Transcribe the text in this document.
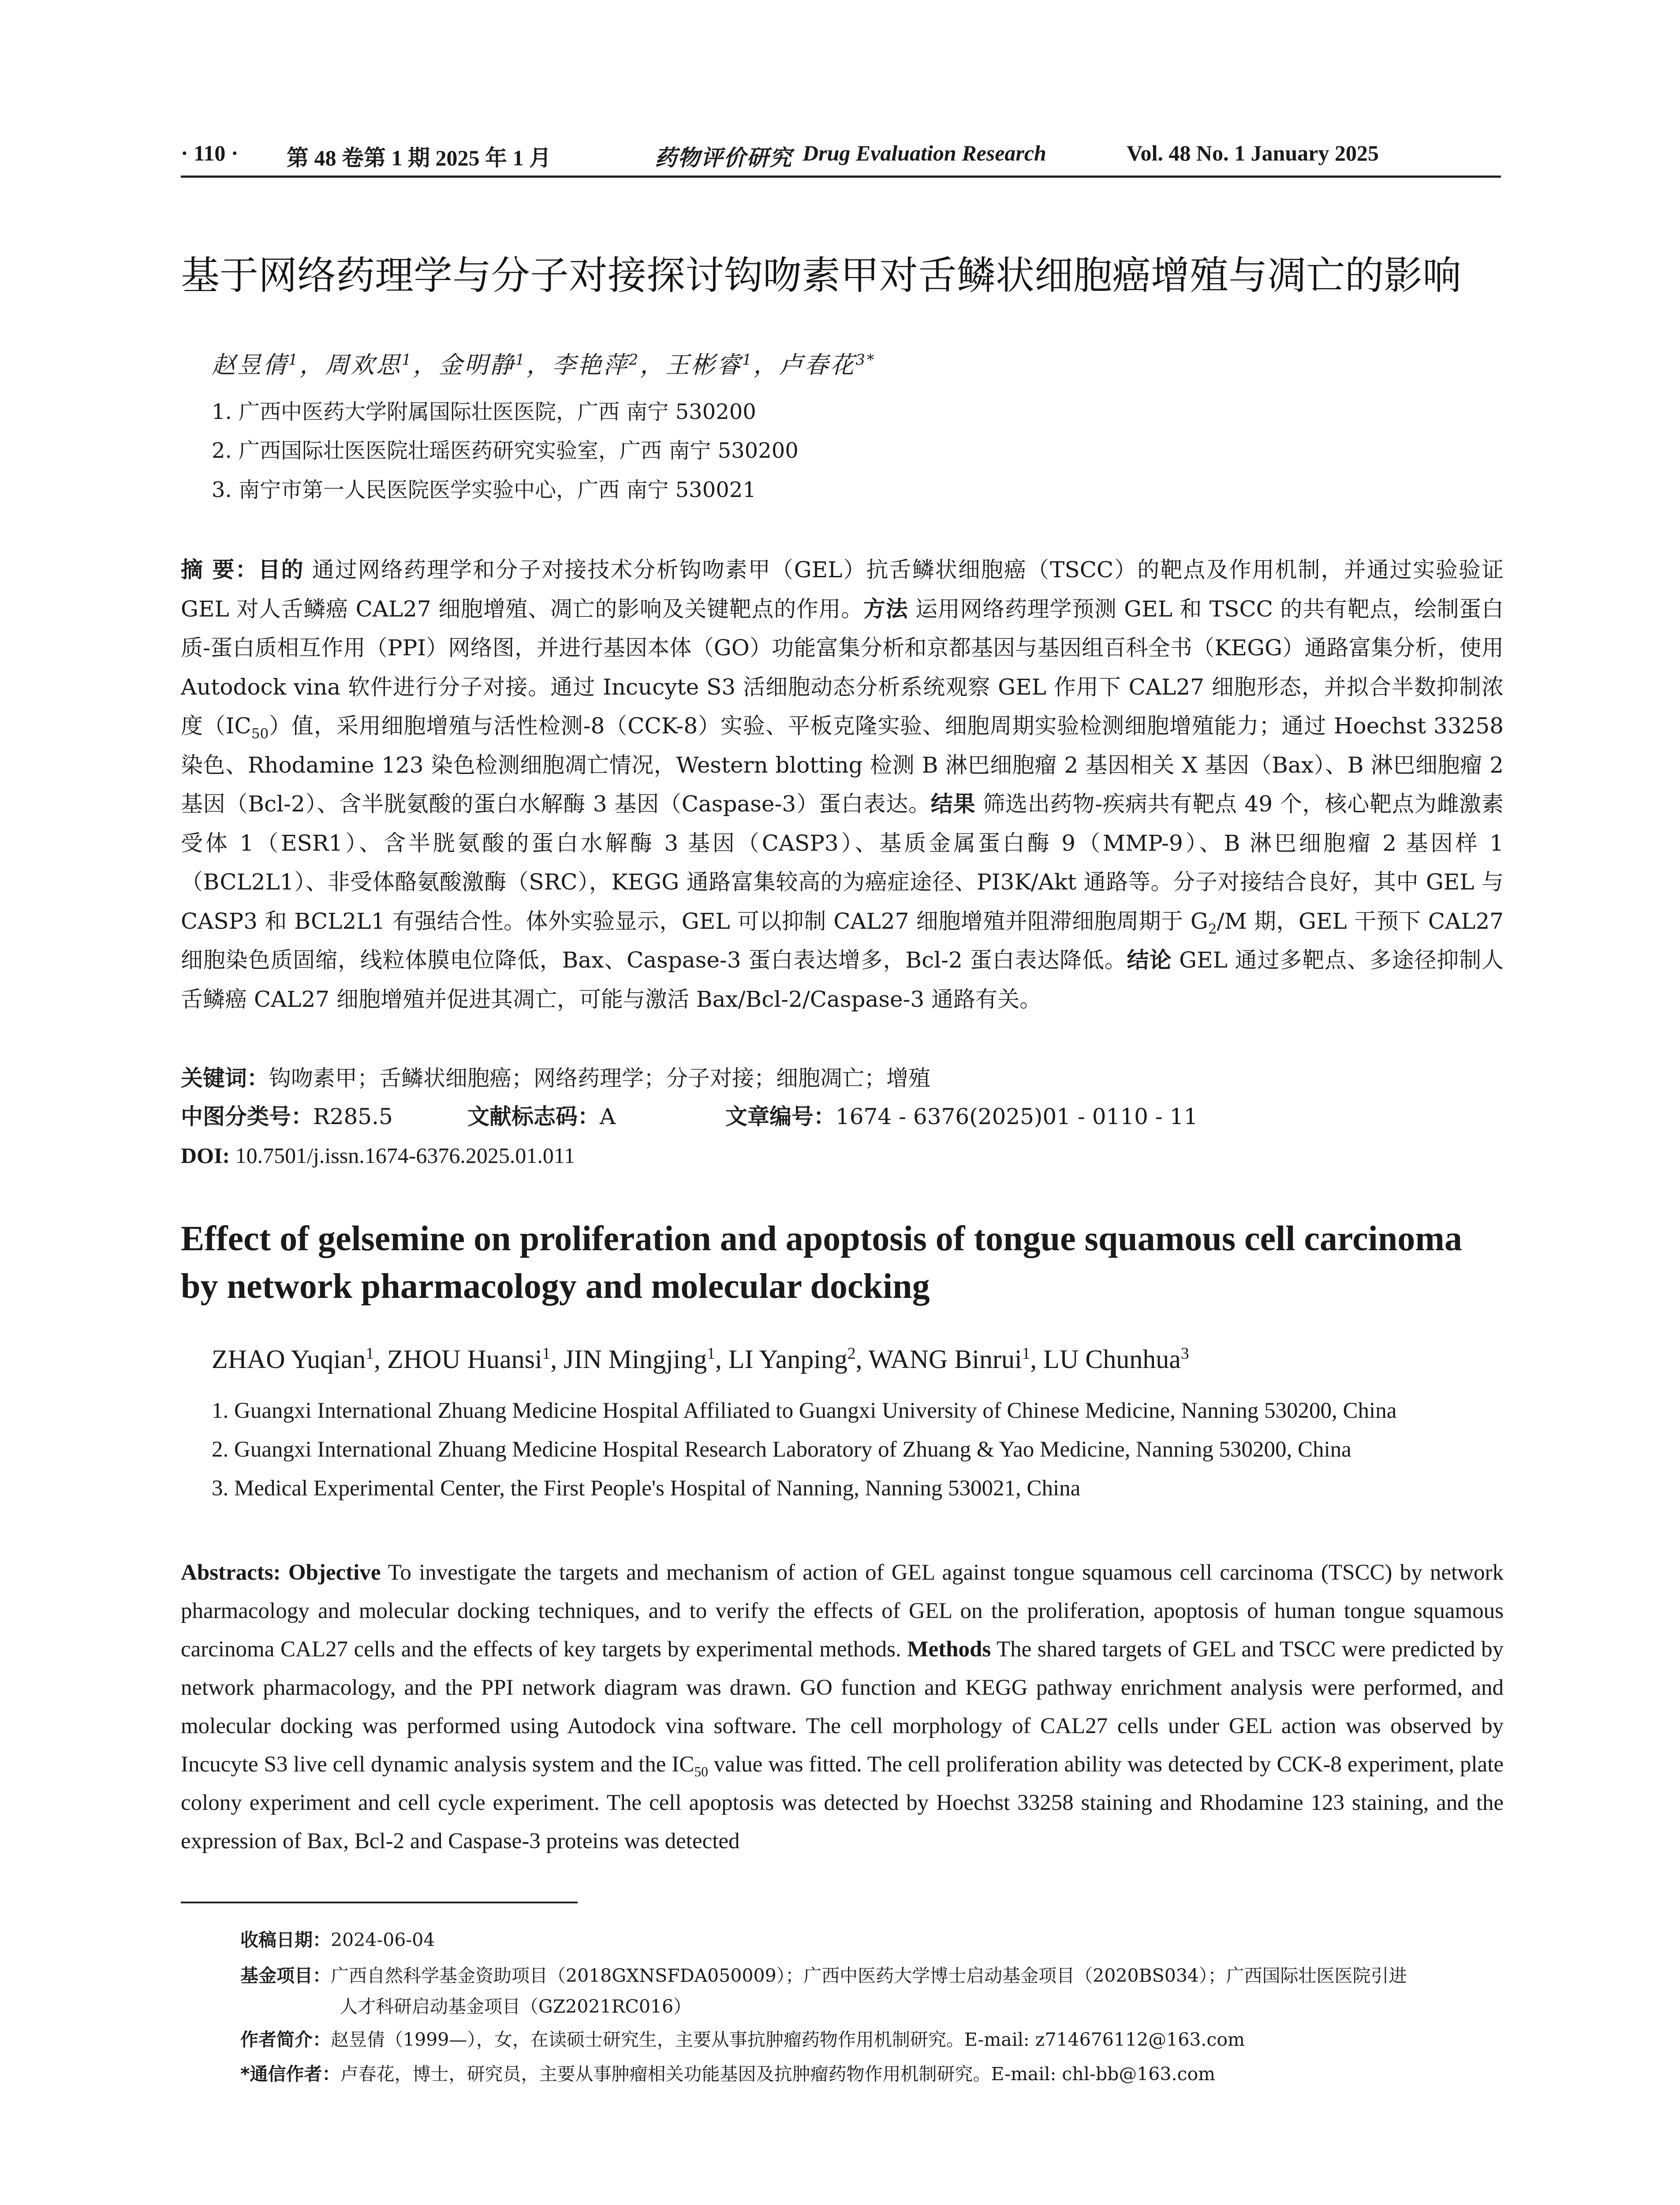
· 110 · 第 48 卷第 1 期 2025 年 1 月	药物评价研究 Drug Evaluation Research	Vol. 48 No. 1 January 2025
基于网络药理学与分子对接探讨钩吻素甲对舌鳞状细胞癌增殖与凋亡的影响
赵昱倩$^1$，周欢思$^1$，金明静$^1$，李艳萍$^2$，王彬睿$^1$，卢春花$^{3*}$
1. 广西中医药大学附属国际壮医医院，广西 南宁 530200
2. 广西国际壮医医院壮瑶医药研究实验室，广西 南宁 530200
3. 南宁市第一人民医院医学实验中心，广西 南宁 530021

摘 要：目的 通过网络药理学和分子对接技术分析钩吻素甲（GEL）抗舌鳞状细胞癌（TSCC）的靶点及作用机制，并通过实验验证 GEL 对人舌鳞癌 CAL27 细胞增殖、凋亡的影响及关键靶点的作用。方法 运用网络药理学预测 GEL 和 TSCC 的共有靶点，绘制蛋白质-蛋白质相互作用（PPI）网络图，并进行基因本体（GO）功能富集分析和京都基因与基因组百科全书（KEGG）通路富集分析，使用 Autodock vina 软件进行分子对接。通过 Incucyte S3 活细胞动态分析系统观察 GEL 作用下 CAL27 细胞形态，并拟合半数抑制浓度$(IC_{50})$值，采用细胞增殖与活性检测-8（CCK-8）实验、平板克隆实验、细胞周期实验检测细胞增殖能力；通过 Hoechst 33258 染色、Rhodamine 123 染色检测细胞凋亡情况，Western blotting 检测 B 淋巴细胞瘤 2 基因相关 X 基因（Bax）、B 淋巴细胞瘤 2 基因（Bcl-2）、含半胱氨酸的蛋白水解酶 3 基因（Caspase-3）蛋白表达。结果 筛选出药物-疾病共有靶点 49 个，核心靶点为雌激素受体 1（ESR1）、含半胱氨酸的蛋白水解酶 3 基因（CASP3）、基质金属蛋白酶 9（MMP-9）、B 淋巴细胞瘤 2 基因样 1（BCL2L1）、非受体酪氨酸激酶（SRC），KEGG 通路富集较高的为癌症途径、PI3K/Akt 通路等。分子对接结合良好，其中 GEL 与 CASP3 和 BCL2L1 有强结合性。体外实验显示，GEL 可以抑制 CAL27 细胞增殖并阻滞细胞周期于 $G_2/M$ 期，GEL 干预下 CAL27 细胞染色质固缩，线粒体膜电位降低，Bax、Caspase-3 蛋白表达增多，Bcl-2 蛋白表达降低。结论 GEL 通过多靶点、多途径抑制人舌鳞癌 CAL27 细胞增殖并促进其凋亡，可能与激活 Bax/Bcl-2/Caspase-3 通路有关。

关键词：钩吻素甲；舌鳞状细胞癌；网络药理学；分子对接；细胞凋亡；增殖
中图分类号：R285.5	文献标志码：A	文章编号：1674 - 6376(2025)01 - 0110 - 11
DOI: 10.7501/j.issn.1674-6376.2025.01.011
Effect of gelsemine on proliferation and apoptosis of tongue squamous cell carcinoma by network pharmacology and molecular docking
ZHAO Yuqian$^1$, ZHOU Huansi$^1$, JIN Mingjing$^1$, LI Yanping$^2$, WANG Binrui$^1$, LU Chunhua$^3$
1. Guangxi International Zhuang Medicine Hospital Affiliated to Guangxi University of Chinese Medicine, Nanning 530200, China
2. Guangxi International Zhuang Medicine Hospital Research Laboratory of Zhuang & Yao Medicine, Nanning 530200, China
3. Medical Experimental Center, the First People's Hospital of Nanning, Nanning 530021, China

Abstracts: Objective To investigate the targets and mechanism of action of GEL against tongue squamous cell carcinoma (TSCC) by network pharmacology and molecular docking techniques, and to verify the effects of GEL on the proliferation, apoptosis of human tongue squamous carcinoma CAL27 cells and the effects of key targets by experimental methods. Methods The shared targets of GEL and TSCC were predicted by network pharmacology, and the PPI network diagram was drawn. GO function and KEGG pathway enrichment analysis were performed, and molecular docking was performed using Autodock vina software. The cell morphology of CAL27 cells under GEL action was observed by Incucyte S3 live cell dynamic analysis system and the $IC_{50}$ value was fitted. The cell proliferation ability was detected by CCK-8 experiment, plate colony experiment and cell cycle experiment. The cell apoptosis was detected by Hoechst 33258 staining and Rhodamine 123 staining, and the expression of Bax, Bcl-2 and Caspase-3 proteins was detected

收稿日期：2024-06-04
基金项目：广西自然科学基金资助项目（2018GXNSFDA050009）；广西中医药大学博士启动基金项目（2020BS034）；广西国际壮医医院引进
人才科研启动基金项目（GZ2021RC016）
作者简介：赵昱倩（1999—），女，在读硕士研究生，主要从事抗肿瘤药物作用机制研究。E-mail: z714676112@163.com
*通信作者：卢春花，博士，研究员，主要从事肿瘤相关功能基因及抗肿瘤药物作用机制研究。E-mail: chl-bb@163.com
